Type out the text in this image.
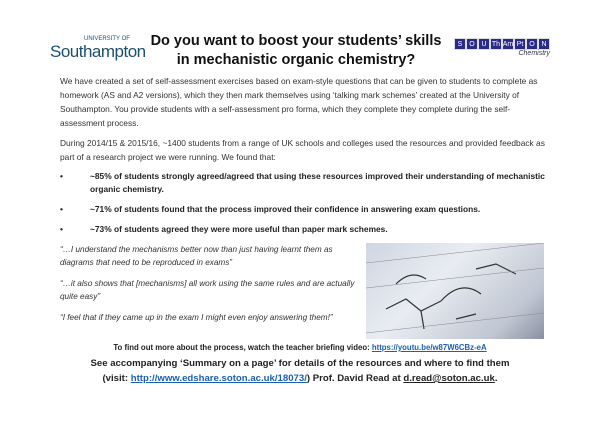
UNIVERSITY OF
Southampton
Do you want to boost your students’ skills in mechanistic organic chemistry?
S O U Th Am Pt O N
Chemistry
We have created a set of self-assessment exercises based on exam-style questions that can be given to students to complete as homework (AS and A2 versions), which they then mark themselves using ‘talking mark schemes’ created at the University of Southampton. You provide students with a self-assessment pro forma, which they complete they complete during the self-assessment process.
During 2014/15 & 2015/16, ~1400 students from a range of UK schools and colleges used the resources and provided feedback as part of a research project we were running. We found that:
•	~85% of students strongly agreed/agreed that using these resources improved their understanding of mechanistic organic chemistry.
•	~71% of students found that the process improved their confidence in answering exam questions.
•	~73% of students agreed they were more useful than paper mark schemes.
“…I understand the mechanisms better now than just having learnt them as diagrams that need to be reproduced in exams”
“…it also shows that [mechanisms] all work using the same rules and are actually quite easy”
“I feel that if they came up in the exam I might even enjoy answering them!”
To find out more about the process, watch the teacher briefing video: https://youtu.be/w87W6CBz-eA
See accompanying ‘Summary on a page’ for details of the resources and where to find them
(visit: http://www.edshare.soton.ac.uk/18073/) Prof. David Read at d.read@soton.ac.uk.
